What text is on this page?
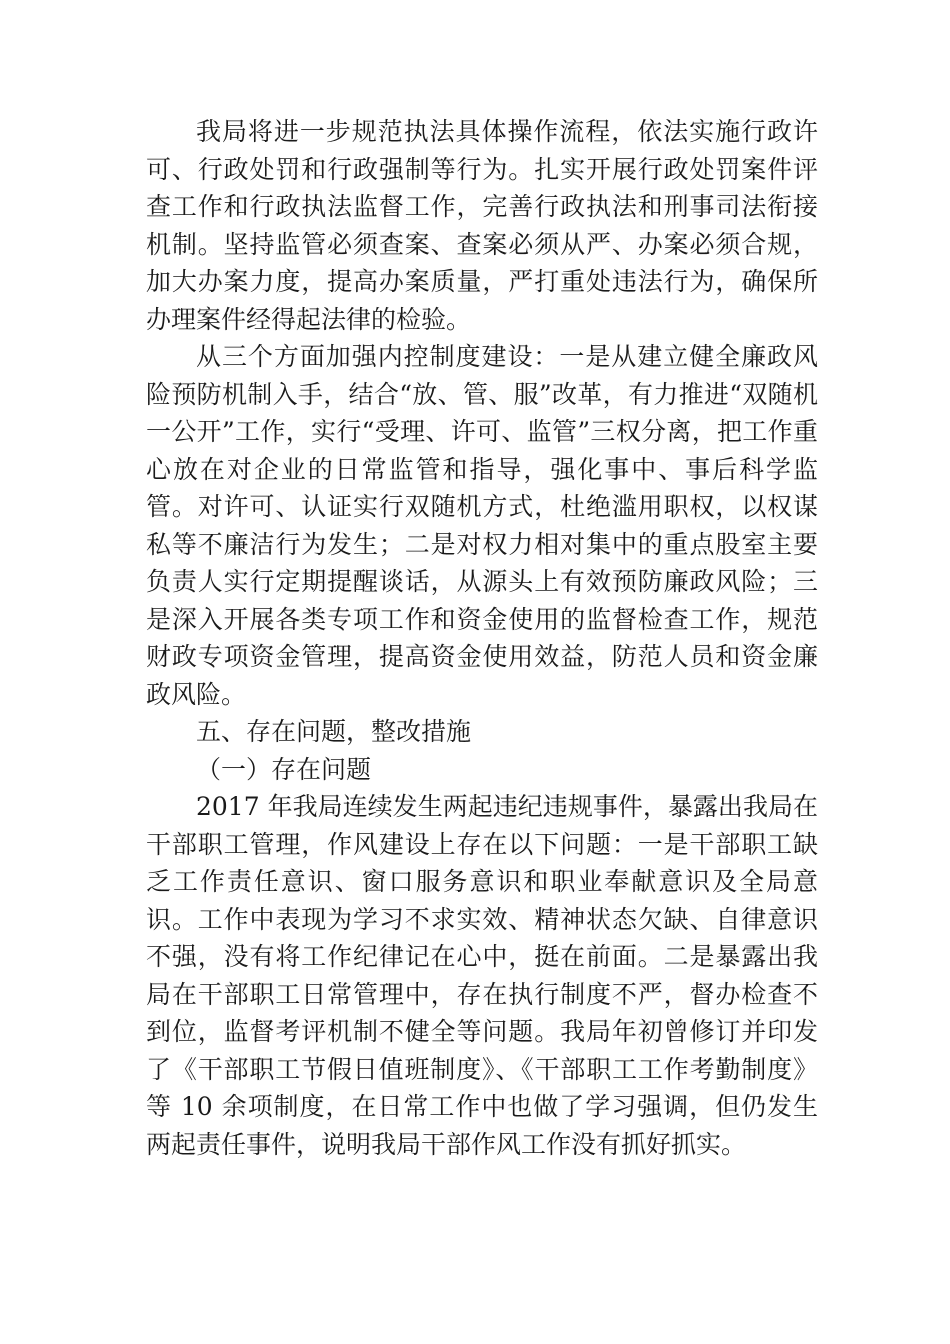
我局将进一步规范执法具体操作流程，依法实施行政许可、行政处罚和行政强制等行为。扎实开展行政处罚案件评查工作和行政执法监督工作，完善行政执法和刑事司法衔接机制。坚持监管必须查案、查案必须从严、办案必须合规，加大办案力度，提高办案质量，严打重处违法行为，确保所办理案件经得起法律的检验。

从三个方面加强内控制度建设：一是从建立健全廉政风险预防机制入手，结合“放、管、服”改革，有力推进“双随机一公开”工作，实行“受理、许可、监管”三权分离，把工作重心放在对企业的日常监管和指导，强化事中、事后科学监管。对许可、认证实行双随机方式，杜绝滥用职权，以权谋私等不廉洁行为发生；二是对权力相对集中的重点股室主要负责人实行定期提醒谈话，从源头上有效预防廉政风险；三是深入开展各类专项工作和资金使用的监督检查工作，规范财政专项资金管理，提高资金使用效益，防范人员和资金廉政风险。

五、存在问题，整改措施

（一）存在问题

2017 年我局连续发生两起违纪违规事件，暴露出我局在干部职工管理，作风建设上存在以下问题：一是干部职工缺乏工作责任意识、窗口服务意识和职业奉献意识及全局意识。工作中表现为学习不求实效、精神状态欠缺、自律意识不强，没有将工作纪律记在心中，挺在前面。二是暴露出我局在干部职工日常管理中，存在执行制度不严，督办检查不到位，监督考评机制不健全等问题。我局年初曾修订并印发了《干部职工节假日值班制度》、《干部职工工作考勤制度》等 10 余项制度，在日常工作中也做了学习强调，但仍发生两起责任事件，说明我局干部作风工作没有抓好抓实。
